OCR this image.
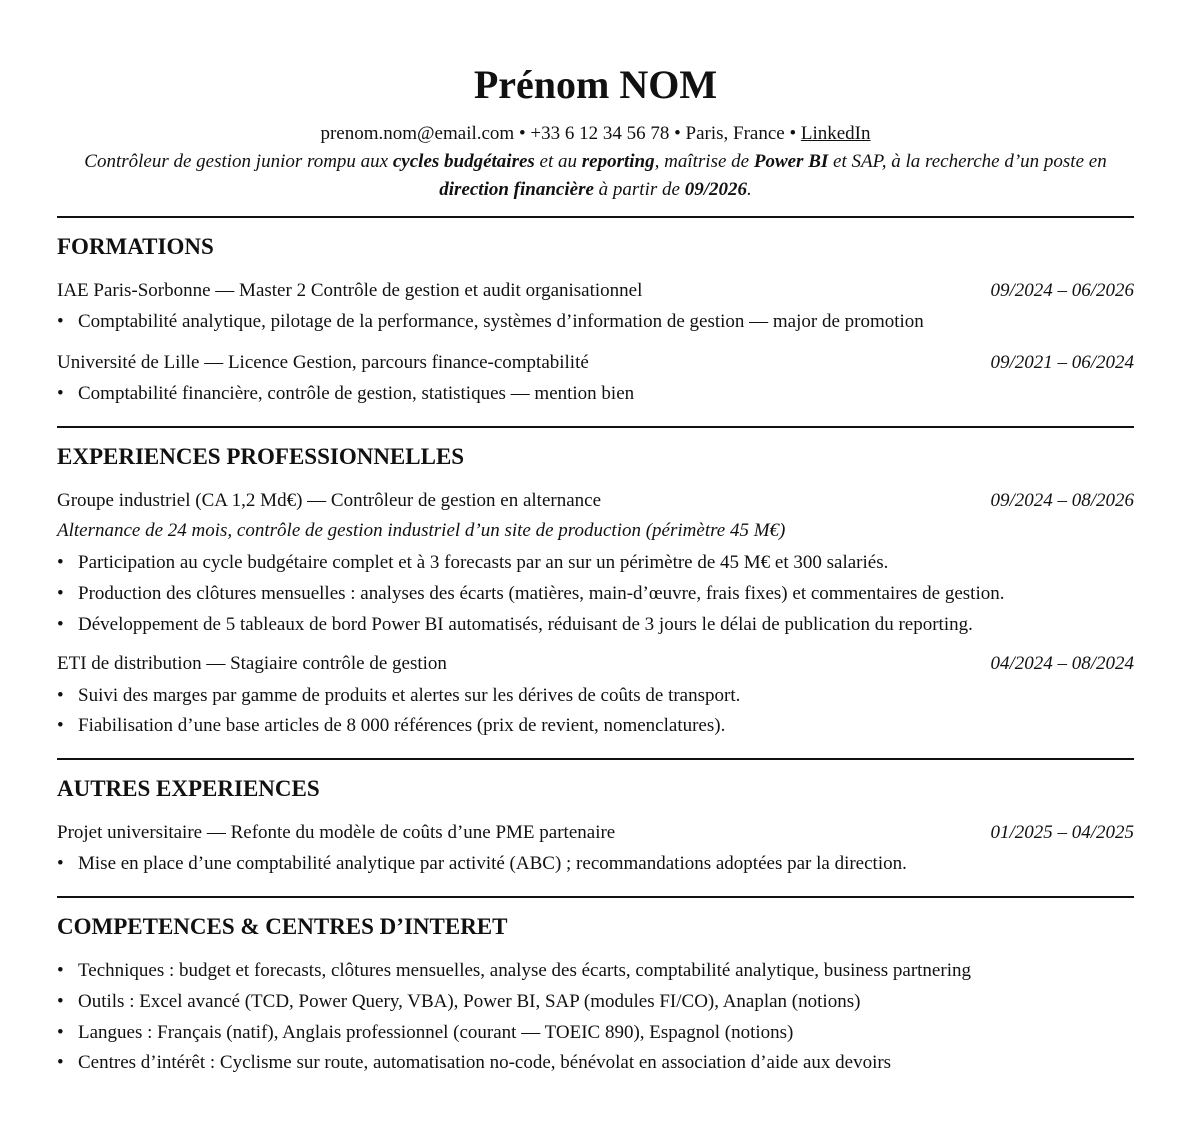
Prénom NOM
prenom.nom@email.com • +33 6 12 34 56 78 • Paris, France • LinkedIn
Contrôleur de gestion junior rompu aux cycles budgétaires et au reporting, maîtrise de Power BI et SAP, à la recherche d’un poste en direction financière à partir de 09/2026.
FORMATIONS
IAE Paris-Sorbonne — Master 2 Contrôle de gestion et audit organisationnel	09/2024 – 06/2026
• Comptabilité analytique, pilotage de la performance, systèmes d’information de gestion — major de promotion
Université de Lille — Licence Gestion, parcours finance-comptabilité	09/2021 – 06/2024
• Comptabilité financière, contrôle de gestion, statistiques — mention bien
EXPERIENCES PROFESSIONNELLES
Groupe industriel (CA 1,2 Md€) — Contrôleur de gestion en alternance	09/2024 – 08/2026
Alternance de 24 mois, contrôle de gestion industriel d’un site de production (périmètre 45 M€)
• Participation au cycle budgétaire complet et à 3 forecasts par an sur un périmètre de 45 M€ et 300 salariés.
• Production des clôtures mensuelles : analyses des écarts (matières, main-d’œuvre, frais fixes) et commentaires de gestion.
• Développement de 5 tableaux de bord Power BI automatisés, réduisant de 3 jours le délai de publication du reporting.
ETI de distribution — Stagiaire contrôle de gestion	04/2024 – 08/2024
• Suivi des marges par gamme de produits et alertes sur les dérives de coûts de transport.
• Fiabilisation d’une base articles de 8 000 références (prix de revient, nomenclatures).
AUTRES EXPERIENCES
Projet universitaire — Refonte du modèle de coûts d’une PME partenaire	01/2025 – 04/2025
• Mise en place d’une comptabilité analytique par activité (ABC) ; recommandations adoptées par la direction.
COMPETENCES & CENTRES D’INTERET
• Techniques : budget et forecasts, clôtures mensuelles, analyse des écarts, comptabilité analytique, business partnering
• Outils : Excel avancé (TCD, Power Query, VBA), Power BI, SAP (modules FI/CO), Anaplan (notions)
• Langues : Français (natif), Anglais professionnel (courant — TOEIC 890), Espagnol (notions)
• Centres d’intérêt : Cyclisme sur route, automatisation no-code, bénévolat en association d’aide aux devoirs
